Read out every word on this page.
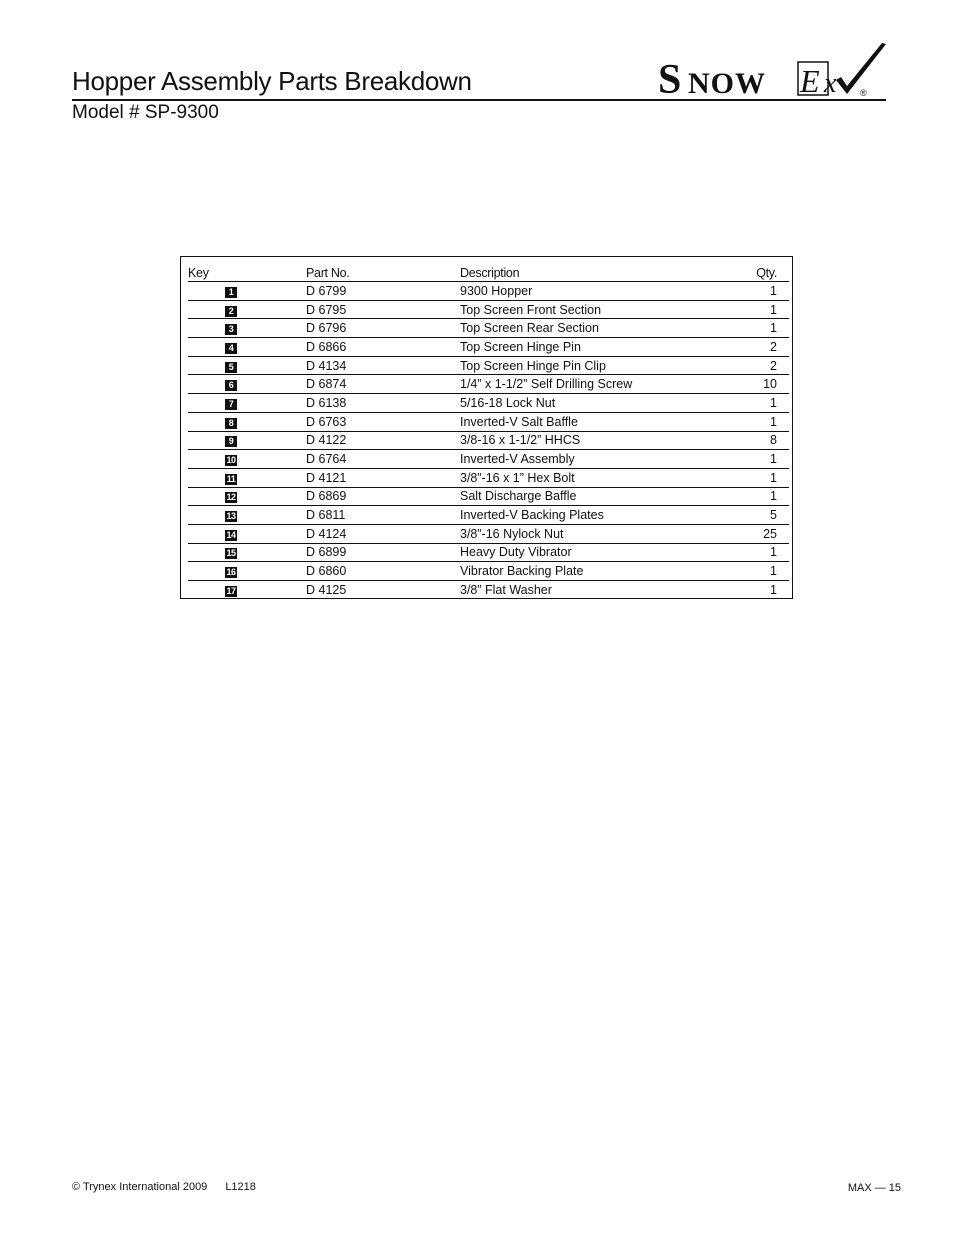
Hopper Assembly Parts Breakdown
Model # SP-9300
S NOW E x	®
Key	Part No.	Description	Qty.
1	D 6799	9300 Hopper	1
2	D 6795	Top Screen Front Section	1
3	D 6796	Top Screen Rear Section	1
4	D 6866	Top Screen Hinge Pin	2
5	D 4134	Top Screen Hinge Pin Clip	2
6	D 6874	1/4” x 1-1/2” Self Drilling Screw	10
7	D 6138	5/16-18 Lock Nut	1
8	D 6763	Inverted-V Salt Baffle	1
9	D 4122	3/8-16 x 1-1/2” HHCS	8
10	D 6764	Inverted-V Assembly	1
11	D 4121	3/8”-16 x 1” Hex Bolt	1
12	D 6869	Salt Discharge Baffle	1
13	D 6811	Inverted-V Backing Plates	5
14	D 4124	3/8”-16 Nylock Nut	25
15	D 6899	Heavy Duty Vibrator	1
16	D 6860	Vibrator Backing Plate	1
17	D 4125	3/8” Flat Washer	1
© Trynex International 2009 L1218	MAX — 15
